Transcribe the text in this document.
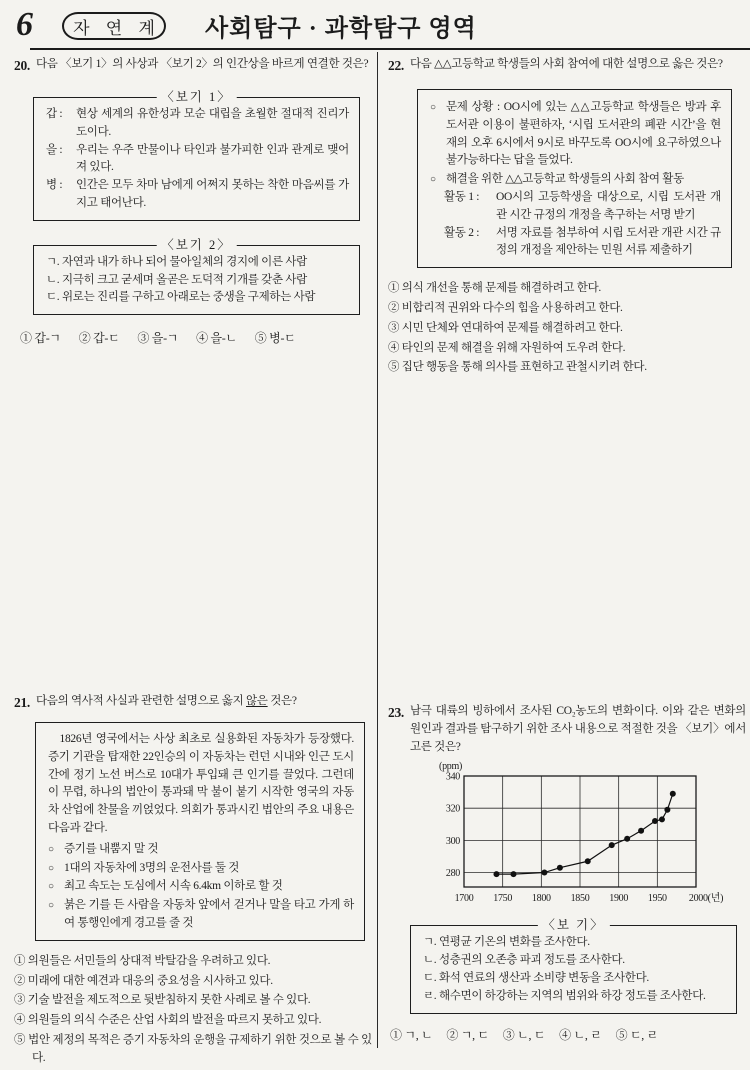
6 자 연 계 사회탐구 · 과학탐구 영역
20. 다음 〈보기 1〉의 사상과 〈보기 2〉의 인간상을 바르게 연결한 것은?
〈보기 1〉
갑 :	현상 세계의 유한성과 모순 대립을 초월한 절대적 진리가 도이다.
을 :	우리는 우주 만물이나 타인과 불가피한 인과 관계로 맺어져 있다.
병 :	인간은 모두 차마 남에게 어쩌지 못하는 착한 마음씨를 가지고 태어난다.
〈보기 2〉
ㄱ. 자연과 내가 하나 되어 물아일체의 경지에 이른 사람
ㄴ. 지극히 크고 굳세며 올곧은 도덕적 기개를 갖춘 사람
ㄷ. 위로는 진리를 구하고 아래로는 중생을 구제하는 사람
① 갑-ㄱ ② 갑-ㄷ ③ 을-ㄱ ④ 을-ㄴ ⑤ 병-ㄷ
21. 다음의 역사적 사실과 관련한 설명으로 옳지 않은 것은?

1826년 영국에서는 사상 최초로 실용화된 자동차가 등장했다. 증기 기관을 탑재한 22인승의 이 자동차는 런던 시내와 인근 도시간에 정기 노선 버스로 10대가 투입돼 큰 인기를 끌었다. 그런데 이 무렵, 하나의 법안이 통과돼 막 불이 붙기 시작한 영국의 자동차 산업에 찬물을 끼얹었다. 의회가 통과시킨 법안의 주요 내용은 다음과 같다.

○ 증기를 내뿜지 말 것
○ 1대의 자동차에 3명의 운전사를 둘 것
○ 최고 속도는 도심에서 시속 6.4km 이하로 할 것
○ 붉은 기를 든 사람을 자동차 앞에서 걷거나 말을 타고 가게 하여 통행인에게 경고를 줄 것
① 의원들은 서민들의 상대적 박탈감을 우려하고 있다.
② 미래에 대한 예견과 대응의 중요성을 시사하고 있다.
③ 기술 발전을 제도적으로 뒷받침하지 못한 사례로 볼 수 있다.
④ 의원들의 의식 수준은 산업 사회의 발전을 따르지 못하고 있다.
⑤ 법안 제정의 목적은 증기 자동차의 운행을 규제하기 위한 것으로 볼 수 있다.
22. 다음 △△고등학교 학생들의 사회 참여에 대한 설명으로 옳은 것은?
○ 문제 상황 : OO시에 있는 △△고등학교 학생들은 방과 후 도서관 이용이 불편하자, ‘시립 도서관의 폐관 시간’을 현재의 오후 6시에서 9시로 바꾸도록 OO시에 요구하였으나 불가능하다는 답을 들었다.
○ 해결을 위한 △△고등학교 학생들의 사회 참여 활동
활동 1 :	OO시의 고등학생을 대상으로, 시립 도서관 개관 시간 규정의 개정을 촉구하는 서명 받기
활동 2 :	서명 자료를 첨부하여 시립 도서관 개관 시간 규정의 개정을 제안하는 민원 서류 제출하기
① 의식 개선을 통해 문제를 해결하려고 한다.
② 비합리적 권위와 다수의 힘을 사용하려고 한다.
③ 시민 단체와 연대하여 문제를 해결하려고 한다.
④ 타인의 문제 해결을 위해 자원하여 도우려 한다.
⑤ 집단 행동을 통해 의사를 표현하고 관철시키려 한다.
23. 남극 대륙의 빙하에서 조사된 CO₂농도의 변화이다. 이와 같은 변화의 원인과 결과를 탐구하기 위한 조사 내용으로 적절한 것을 〈보기〉에서 고른 것은?
(ppm)
280
300
320
340
1700 1750 1800 1850 1900 1950 2000(년)
〈보 기〉
ㄱ. 연평균 기온의 변화를 조사한다.
ㄴ. 성층권의 오존층 파괴 정도를 조사한다.
ㄷ. 화석 연료의 생산과 소비량 변동을 조사한다.
ㄹ. 해수면이 하강하는 지역의 범위와 하강 정도를 조사한다.
① ㄱ, ㄴ ② ㄱ, ㄷ ③ ㄴ, ㄷ ④ ㄴ, ㄹ ⑤ ㄷ, ㄹ
